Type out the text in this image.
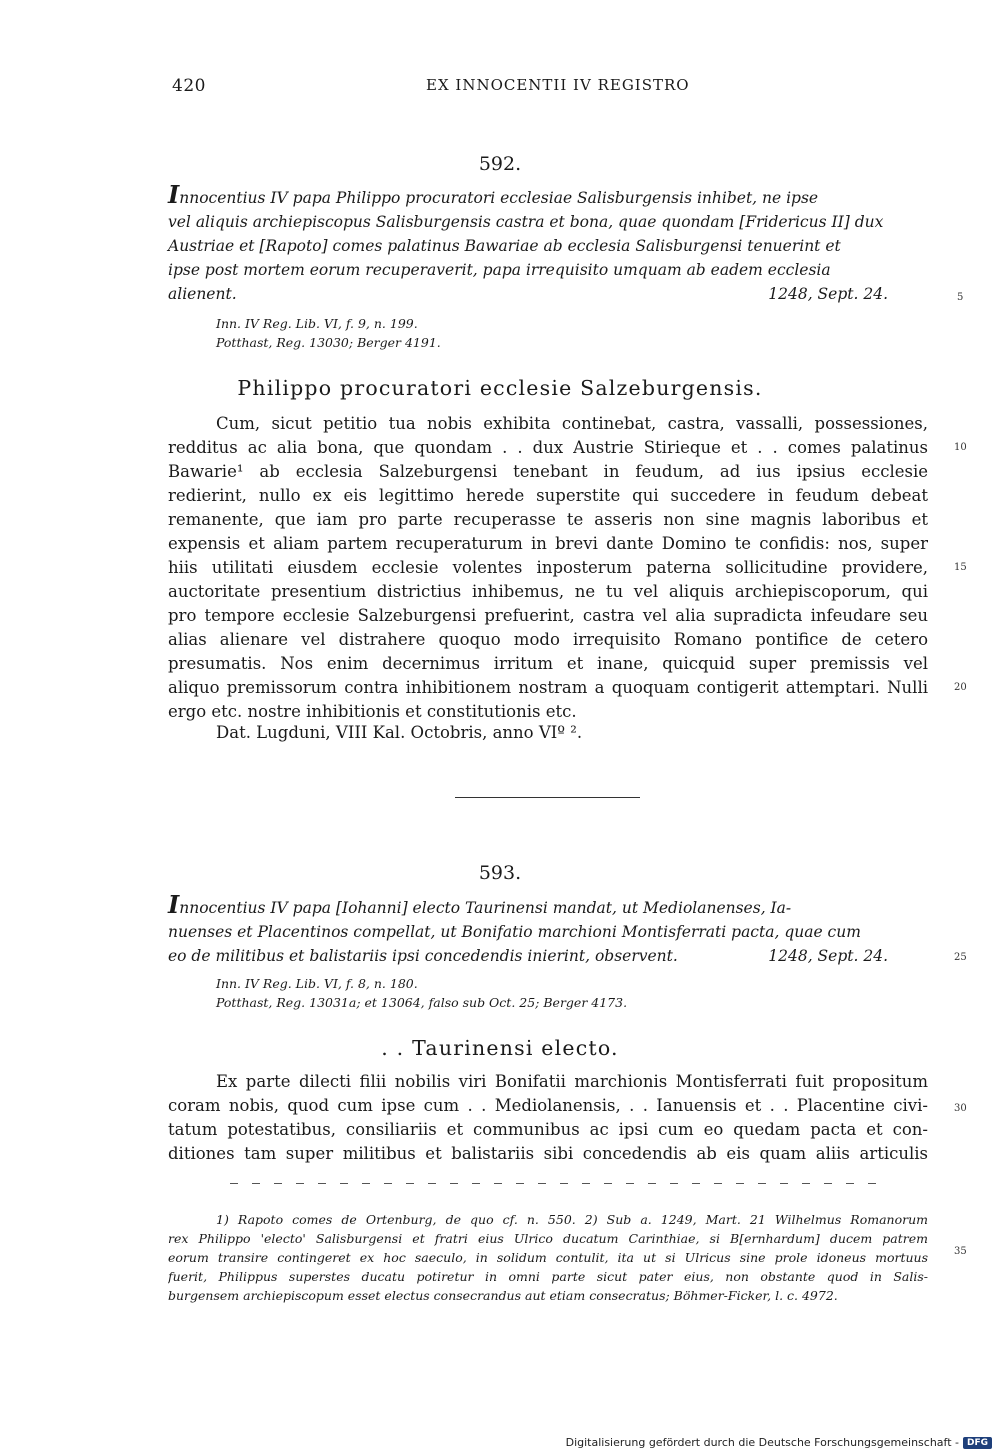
420	EX INNOCENTII IV REGISTRO
592.
Innocentius IV papa Philippo procuratori ecclesiae Salisburgensis inhibet, ne ipse
vel aliquis archiepiscopus Salisburgensis castra et bona, quae quondam [Fridericus II] dux
Austriae et [Rapoto] comes palatinus Bawariae ab ecclesia Salisburgensi tenuerint et
ipse post mortem eorum recuperaverit, papa irrequisito umquam ab eadem ecclesia
alienent.	1248, Sept. 24.
Inn. IV Reg. Lib. VI, f. 9, n. 199.
Potthast, Reg. 13030; Berger 4191.
Philippo procuratori ecclesie Salzeburgensis.
Cum, sicut petitio tua nobis exhibita continebat, castra, vassalli, possessiones,
redditus ac alia bona, que quondam . . dux Austrie Stirieque et . . comes palatinus
Bawarie¹ ab ecclesia Salzeburgensi tenebant in feudum, ad ius ipsius ecclesie
redierint, nullo ex eis legittimo herede superstite qui succedere in feudum debeat
remanente, que iam pro parte recuperasse te asseris non sine magnis laboribus et
expensis et aliam partem recuperaturum in brevi dante Domino te confidis: nos, super
hiis utilitati eiusdem ecclesie volentes inposterum paterna sollicitudine providere,
auctoritate presentium districtius inhibemus, ne tu vel aliquis archiepiscoporum, qui
pro tempore ecclesie Salzeburgensi prefuerint, castra vel alia supradicta infeudare seu
alias alienare vel distrahere quoquo modo irrequisito Romano pontifice de cetero
presumatis. Nos enim decernimus irritum et inane, quicquid super premissis vel
aliquo premissorum contra inhibitionem nostram a quoquam contigerit attemptari. Nulli
ergo etc. nostre inhibitionis et constitutionis etc.
Dat. Lugduni, VIII Kal. Octobris, anno VIº ².
593.
Innocentius IV papa [Iohanni] electo Taurinensi mandat, ut Mediolanenses, Ia-
nuenses et Placentinos compellat, ut Bonifatio marchioni Montisferrati pacta, quae cum
eo de militibus et balistariis ipsi concedendis inierint, observent.	1248, Sept. 24.
Inn. IV Reg. Lib. VI, f. 8, n. 180.
Potthast, Reg. 13031a; et 13064, falso sub Oct. 25; Berger 4173.
. . Taurinensi electo.
Ex parte dilecti filii nobilis viri Bonifatii marchionis Montisferrati fuit propositum
coram nobis, quod cum ipse cum . . Mediolanensis, . . Ianuensis et . . Placentine civi-
tatum potestatibus, consiliariis et communibus ac ipsi cum eo quedam pacta et con-
ditiones tam super militibus et balistariis sibi concedendis ab eis quam aliis articulis
1) Rapoto comes de Ortenburg, de quo cf. n. 550. 2) Sub a. 1249, Mart. 21 Wilhelmus Romanorum
rex Philippo 'electo' Salisburgensi et fratri eius Ulrico ducatum Carinthiae, si B[ernhardum] ducem patrem
eorum transire contingeret ex hoc saeculo, in solidum contulit, ita ut si Ulricus sine prole idoneus mortuus
fuerit, Philippus superstes ducatu potiretur in omni parte sicut pater eius, non obstante quod in Salis-
burgensem archiepiscopum esset electus consecrandus aut etiam consecratus; Böhmer-Ficker, l. c. 4972.
5
10
15
20
25
30
35
Digitalisierung gefördert durch die Deutsche Forschungsgemeinschaft - DFG
